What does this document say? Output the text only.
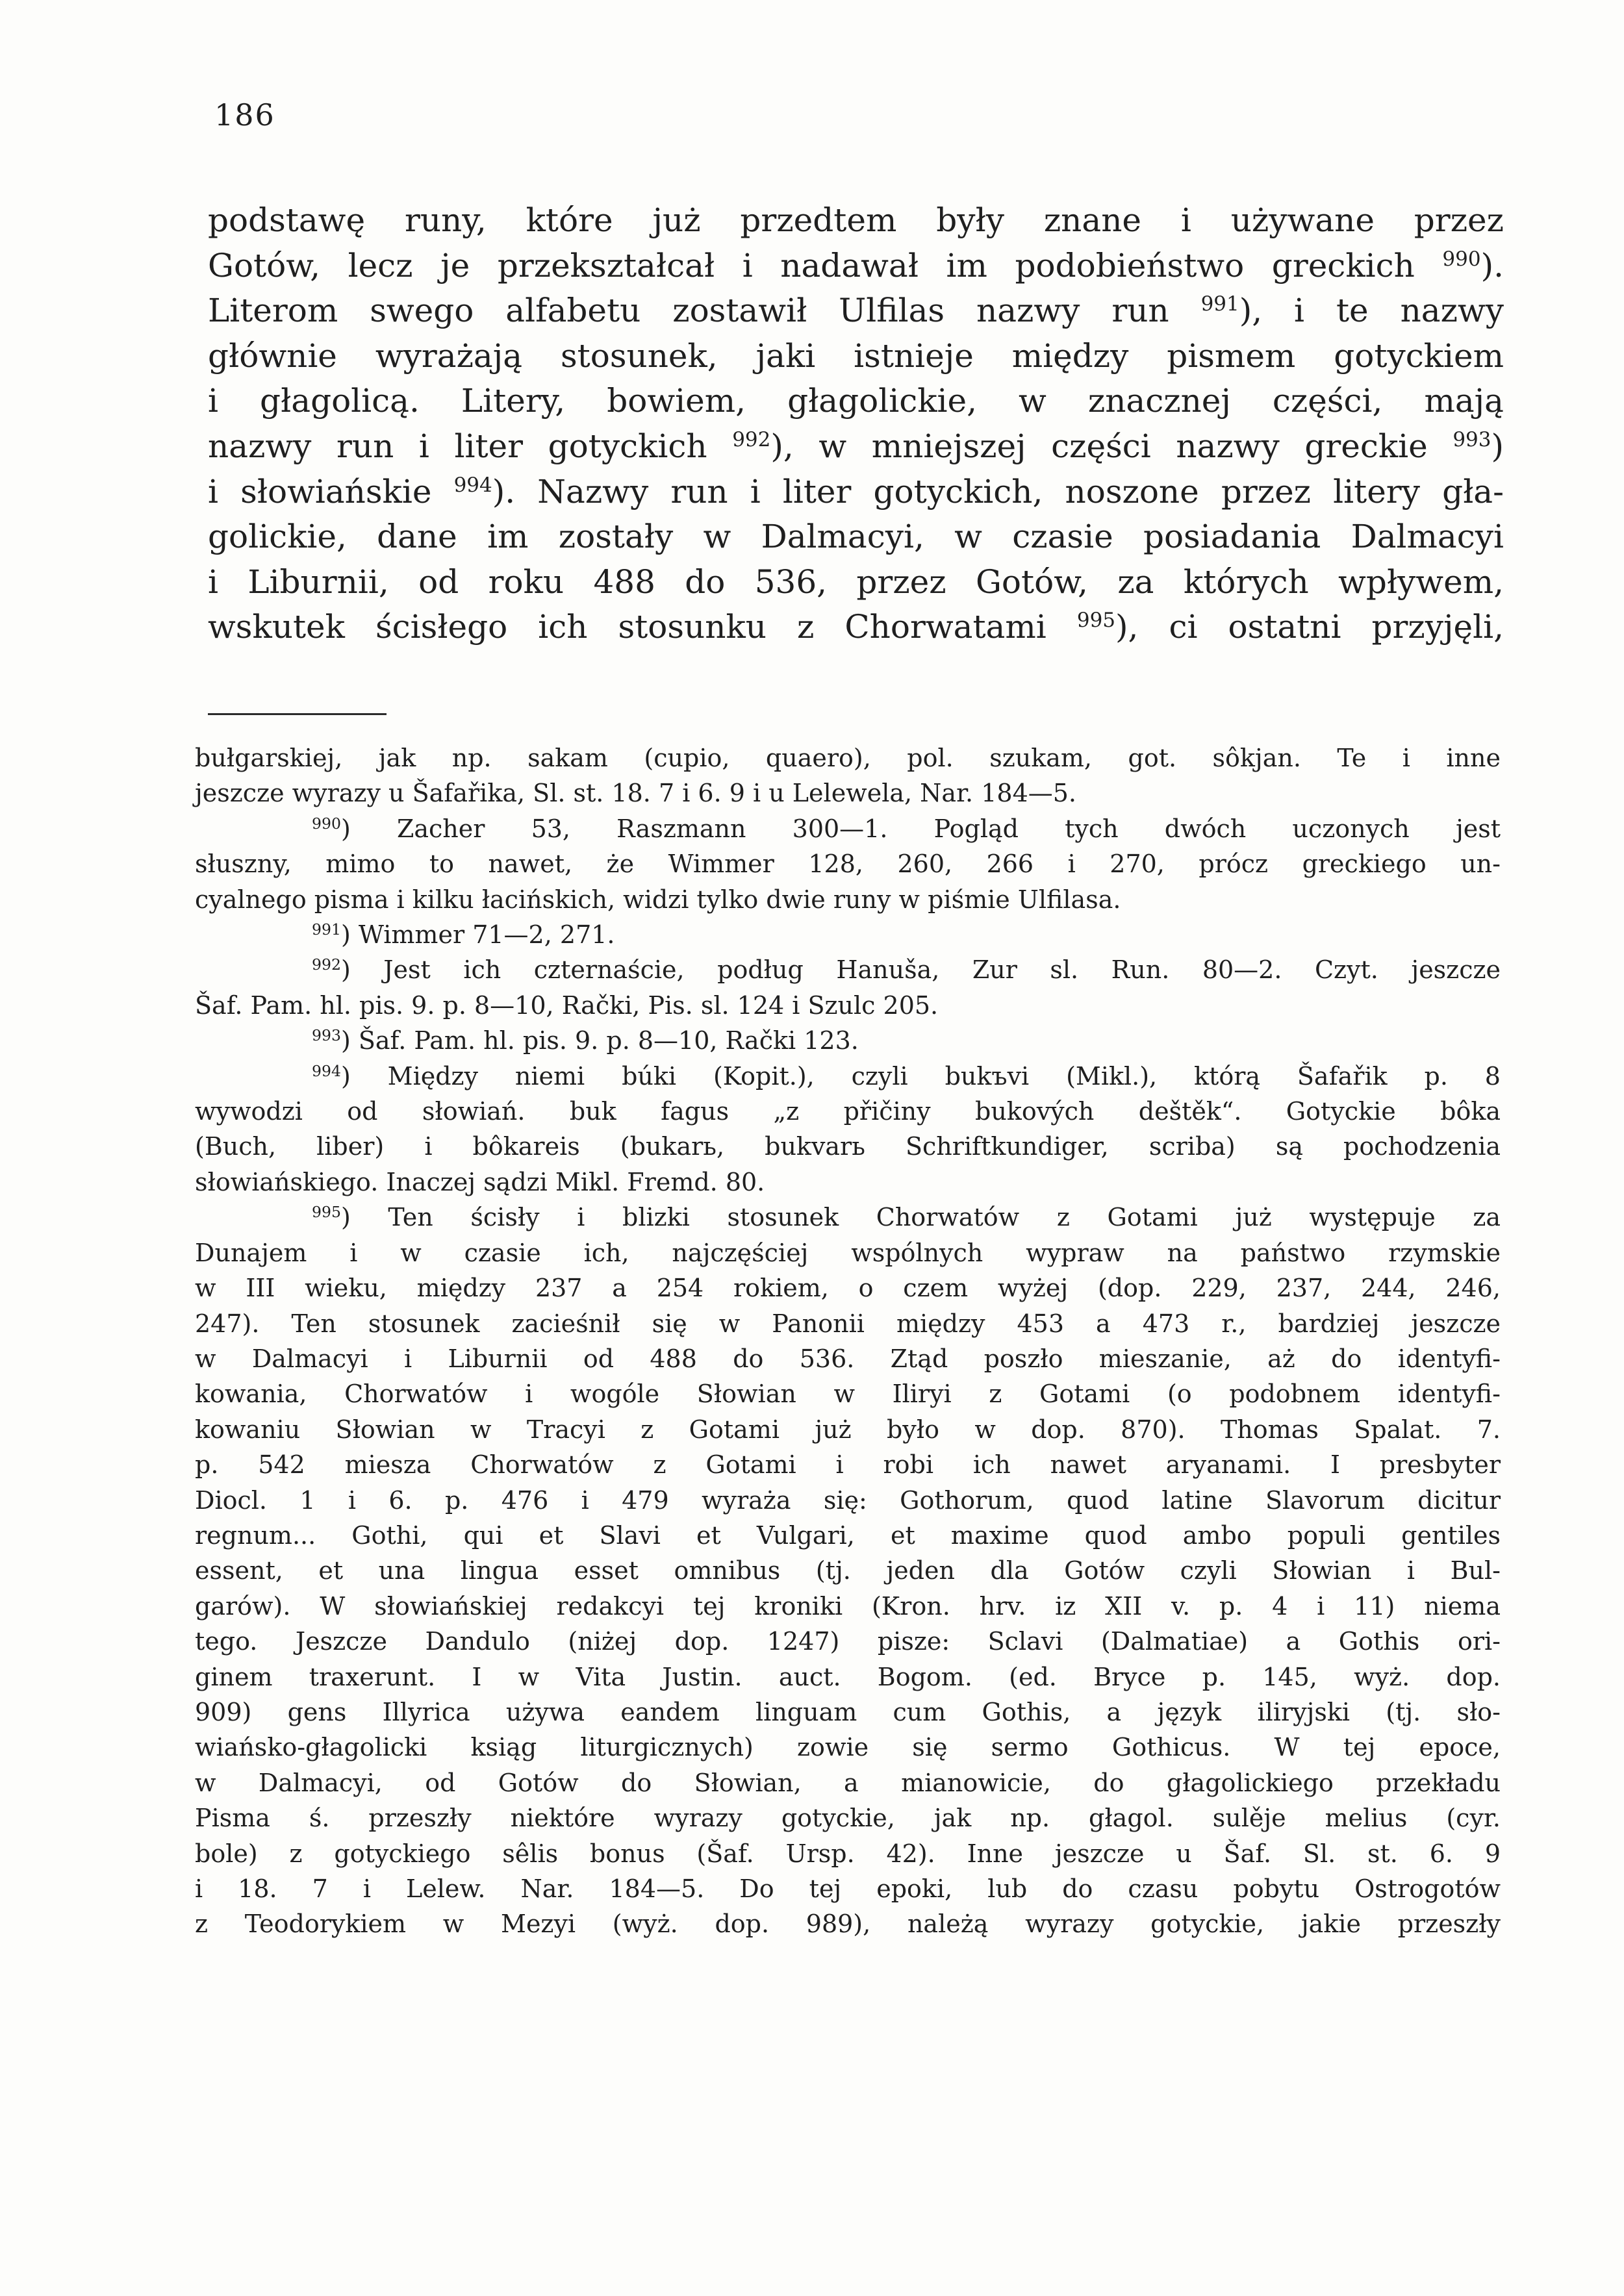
186
podstawę runy, które już przedtem były znane i używane przez
Gotów, lecz je przekształcał i nadawał im podobieństwo greckich $^{990}$).
Literom swego alfabetu zostawił Ulfilas nazwy run $^{991}$), i te nazwy
głównie wyrażają stosunek, jaki istnieje między pismem gotyckiem
i głagolicą. Litery, bowiem, głagolickie, w znacznej części, mają
nazwy run i liter gotyckich $^{992}$), w mniejszej części nazwy greckie $^{993}$)
i słowiańskie $^{994}$). Nazwy run i liter gotyckich, noszone przez litery gła-
golickie, dane im zostały w Dalmacyi, w czasie posiadania Dalmacyi
i Liburnii, od roku 488 do 536, przez Gotów, za których wpływem,
wskutek ścisłego ich stosunku z Chorwatami $^{995}$), ci ostatni przyjęli,
bułgarskiej, jak np. sakam (cupio, quaero), pol. szukam, got. sôkjan. Te i inne
jeszcze wyrazy u Šafařika, Sl. st. 18. 7 i 6. 9 i u Lelewela, Nar. 184—5.
$^{990}$) Zacher 53, Raszmann 300—1. Pogląd tych dwóch uczonych jest
słuszny, mimo to nawet, że Wimmer 128, 260, 266 i 270, prócz greckiego un-
cyalnego pisma i kilku łacińskich, widzi tylko dwie runy w piśmie Ulfilasa.
$^{991}$) Wimmer 71—2, 271.
$^{992}$) Jest ich czternaście, podług Hanuša, Zur sl. Run. 80—2. Czyt. jeszcze
Šaf. Pam. hl. pis. 9. p. 8—10, Rački, Pis. sl. 124 i Szulc 205.
$^{993}$) Šaf. Pam. hl. pis. 9. p. 8—10, Rački 123.
$^{994}$) Między niemi búki (Kopit.), czyli bukъvi (Mikl.), którą Šafařik p. 8
wywodzi od słowiań. buk fagus „z přičiny bukových deštěk“. Gotyckie bôka
(Buch, liber) i bôkareis (bukarь, bukvarь Schriftkundiger, scriba) są pochodzenia
słowiańskiego. Inaczej sądzi Mikl. Fremd. 80.
$^{995}$) Ten ścisły i blizki stosunek Chorwatów z Gotami już występuje za
Dunajem i w czasie ich, najczęściej wspólnych wypraw na państwo rzymskie
w III wieku, między 237 a 254 rokiem, o czem wyżej (dop. 229, 237, 244, 246,
247). Ten stosunek zacieśnił się w Panonii między 453 a 473 r., bardziej jeszcze
w Dalmacyi i Liburnii od 488 do 536. Ztąd poszło mieszanie, aż do identyfi-
kowania, Chorwatów i wogóle Słowian w Iliryi z Gotami (o podobnem identyfi-
kowaniu Słowian w Tracyi z Gotami już było w dop. 870). Thomas Spalat. 7.
p. 542 miesza Chorwatów z Gotami i robi ich nawet aryanami. I presbyter
Diocl. 1 i 6. p. 476 i 479 wyraża się: Gothorum, quod latine Slavorum dicitur
regnum... Gothi, qui et Slavi et Vulgari, et maxime quod ambo populi gentiles
essent, et una lingua esset omnibus (tj. jeden dla Gotów czyli Słowian i Bul-
garów). W słowiańskiej redakcyi tej kroniki (Kron. hrv. iz XII v. p. 4 i 11) niema
tego. Jeszcze Dandulo (niżej dop. 1247) pisze: Sclavi (Dalmatiae) a Gothis ori-
ginem traxerunt. I w Vita Justin. auct. Bogom. (ed. Bryce p. 145, wyż. dop.
909) gens Illyrica używa eandem linguam cum Gothis, a język iliryjski (tj. sło-
wiańsko-głagolicki ksiąg liturgicznych) zowie się sermo Gothicus. W tej epoce,
w Dalmacyi, od Gotów do Słowian, a mianowicie, do głagolickiego przekładu
Pisma ś. przeszły niektóre wyrazy gotyckie, jak np. głagol. sulěje melius (cyr.
bole) z gotyckiego sêlis bonus (Šaf. Ursp. 42). Inne jeszcze u Šaf. Sl. st. 6. 9
i 18. 7 i Lelew. Nar. 184—5. Do tej epoki, lub do czasu pobytu Ostrogotów
z Teodorykiem w Mezyi (wyż. dop. 989), należą wyrazy gotyckie, jakie przeszły
